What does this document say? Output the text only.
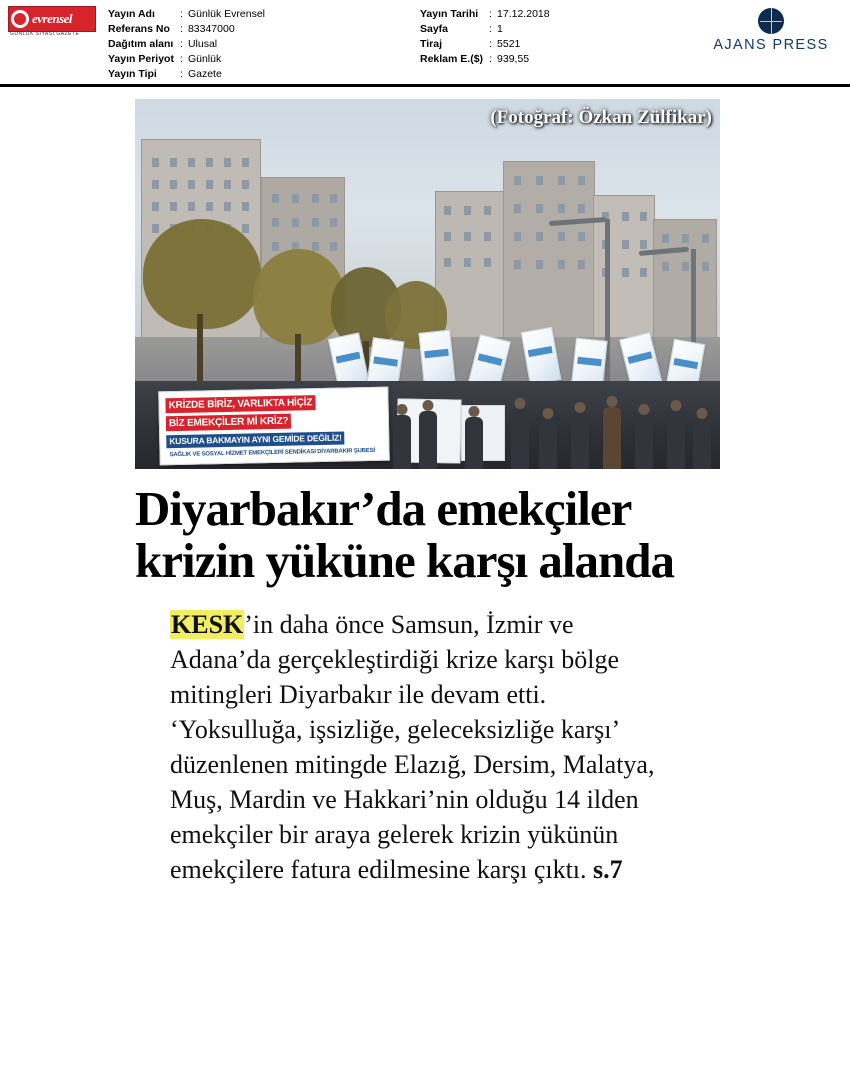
evrensel
GÜNLÜK SİYASİ GAZETE
Yayın Adı	:	Günlük Evrensel
Referans No	:	83347000
Dağıtım alanı	:	Ulusal
Yayın Periyot	:	Günlük
Yayın Tipi	:	Gazete
Yayın Tarihi	:	17.12.2018
Sayfa	:	1
Tiraj	:	5521
Reklam E.($)	:	939,55
AJANS PRESS
KRİZDE BİRİZ, VARLIKTA HİÇİZ
BİZ EMEKÇİLER Mİ KRİZ?
KUSURA BAKMAYIN AYNI GEMİDE DEĞİLİZ!
SAĞLIK VE SOSYAL HİZMET EMEKÇİLERİ SENDİKASI DİYARBAKIR ŞUBESİ
(Fotoğraf: Özkan Zülfikar)
Diyarbakır’da emekçiler krizin yüküne karşı alanda
KESK’in daha önce Samsun, İzmir ve Adana’da gerçekleştirdiği krize karşı bölge mitingleri Diyarbakır ile devam etti. ‘Yoksulluğa, işsizliğe, geleceksizliğe karşı’ düzenlenen mitingde Elazığ, Dersim, Malatya, Muş, Mardin ve Hakkari’nin olduğu 14 ilden emekçiler bir araya gelerek krizin yükünün emekçilere fatura edilmesine karşı çıktı. s.7
